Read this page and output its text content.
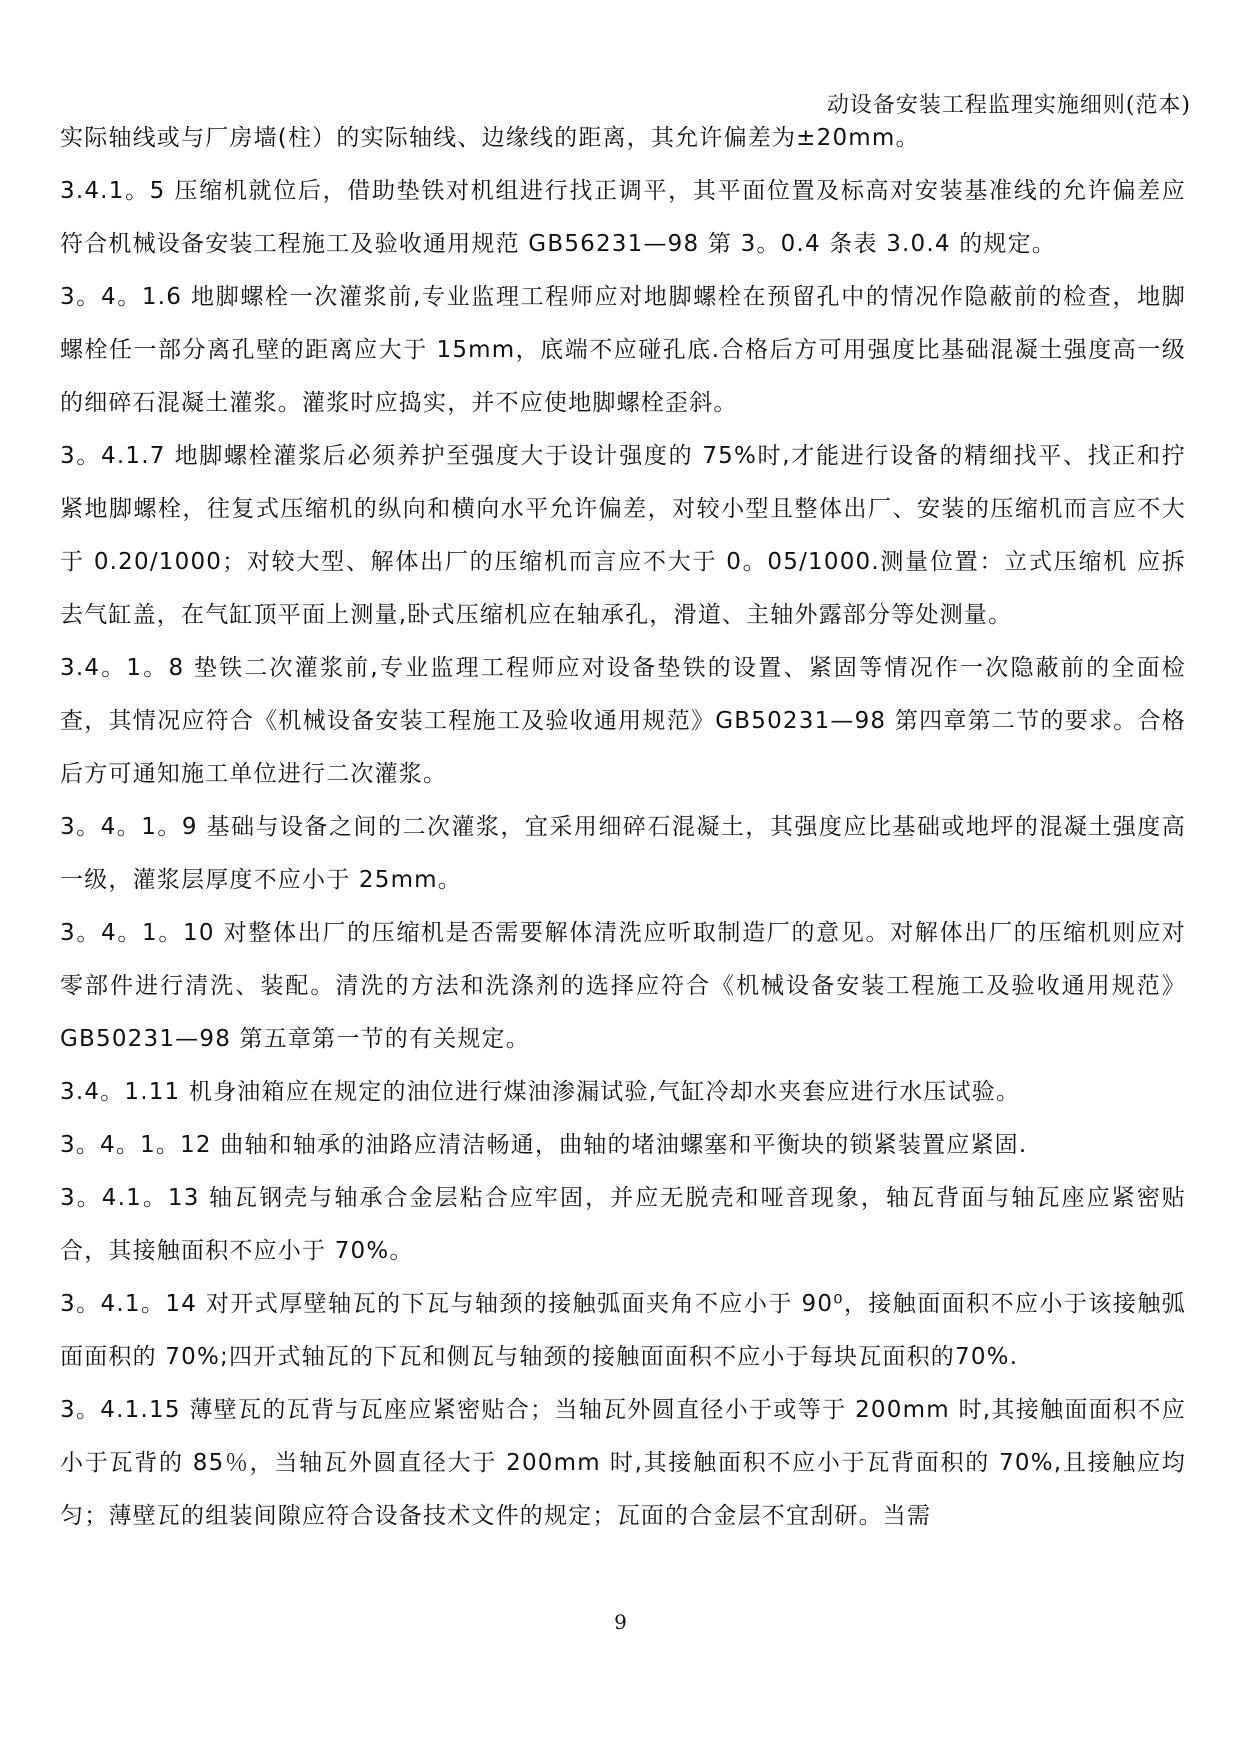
动设备安装工程监理实施细则(范本)

实际轴线或与厂房墙(柱）的实际轴线、边缘线的距离，其允许偏差为±20mm。

3.4.1。5 压缩机就位后，借助垫铁对机组进行找正调平，其平面位置及标高对安装基准线的允许偏差应符合机械设备安装工程施工及验收通用规范 GB56231—98 第 3。0.4 条表 3.0.4 的规定。

3。4。1.6 地脚螺栓一次灌浆前,专业监理工程师应对地脚螺栓在预留孔中的情况作隐蔽前的检查，地脚螺栓任一部分离孔壁的距离应大于 15mm，底端不应碰孔底.合格后方可用强度比基础混凝土强度高一级的细碎石混凝土灌浆。灌浆时应捣实，并不应使地脚螺栓歪斜。

3。4.1.7 地脚螺栓灌浆后必须养护至强度大于设计强度的 75%时,才能进行设备的精细找平、找正和拧紧地脚螺栓，往复式压缩机的纵向和横向水平允许偏差，对较小型且整体出厂、安装的压缩机而言应不大于 0.20/1000；对较大型、解体出厂的压缩机而言应不大于 0。05/1000.测量位置：立式压缩机 应拆去气缸盖，在气缸顶平面上测量,卧式压缩机应在轴承孔，滑道、主轴外露部分等处测量。

3.4。1。8 垫铁二次灌浆前,专业监理工程师应对设备垫铁的设置、紧固等情况作一次隐蔽前的全面检查，其情况应符合《机械设备安装工程施工及验收通用规范》GB50231—98 第四章第二节的要求。合格后方可通知施工单位进行二次灌浆。

3。4。1。9 基础与设备之间的二次灌浆，宜采用细碎石混凝土，其强度应比基础或地坪的混凝土强度高一级，灌浆层厚度不应小于 25mm。

3。4。1。10 对整体出厂的压缩机是否需要解体清洗应听取制造厂的意见。对解体出厂的压缩机则应对零部件进行清洗、装配。清洗的方法和洗涤剂的选择应符合《机械设备安装工程施工及验收通用规范》GB50231—98 第五章第一节的有关规定。

3.4。1.11 机身油箱应在规定的油位进行煤油渗漏试验,气缸冷却水夹套应进行水压试验。

3。4。1。12 曲轴和轴承的油路应清洁畅通，曲轴的堵油螺塞和平衡块的锁紧装置应紧固.

3。4.1。13 轴瓦钢壳与轴承合金层粘合应牢固，并应无脱壳和哑音现象，轴瓦背面与轴瓦座应紧密贴合，其接触面积不应小于 70%。

3。4.1。14 对开式厚壁轴瓦的下瓦与轴颈的接触弧面夹角不应小于 90⁰，接触面面积不应小于该接触弧面面积的 70%;四开式轴瓦的下瓦和侧瓦与轴颈的接触面面积不应小于每块瓦面积的70%.

3。4.1.15 薄壁瓦的瓦背与瓦座应紧密贴合；当轴瓦外圆直径小于或等于 200mm 时,其接触面面积不应小于瓦背的 85％，当轴瓦外圆直径大于 200mm 时,其接触面积不应小于瓦背面积的 70%,且接触应均匀；薄壁瓦的组装间隙应符合设备技术文件的规定；瓦面的合金层不宜刮研。当需

9
